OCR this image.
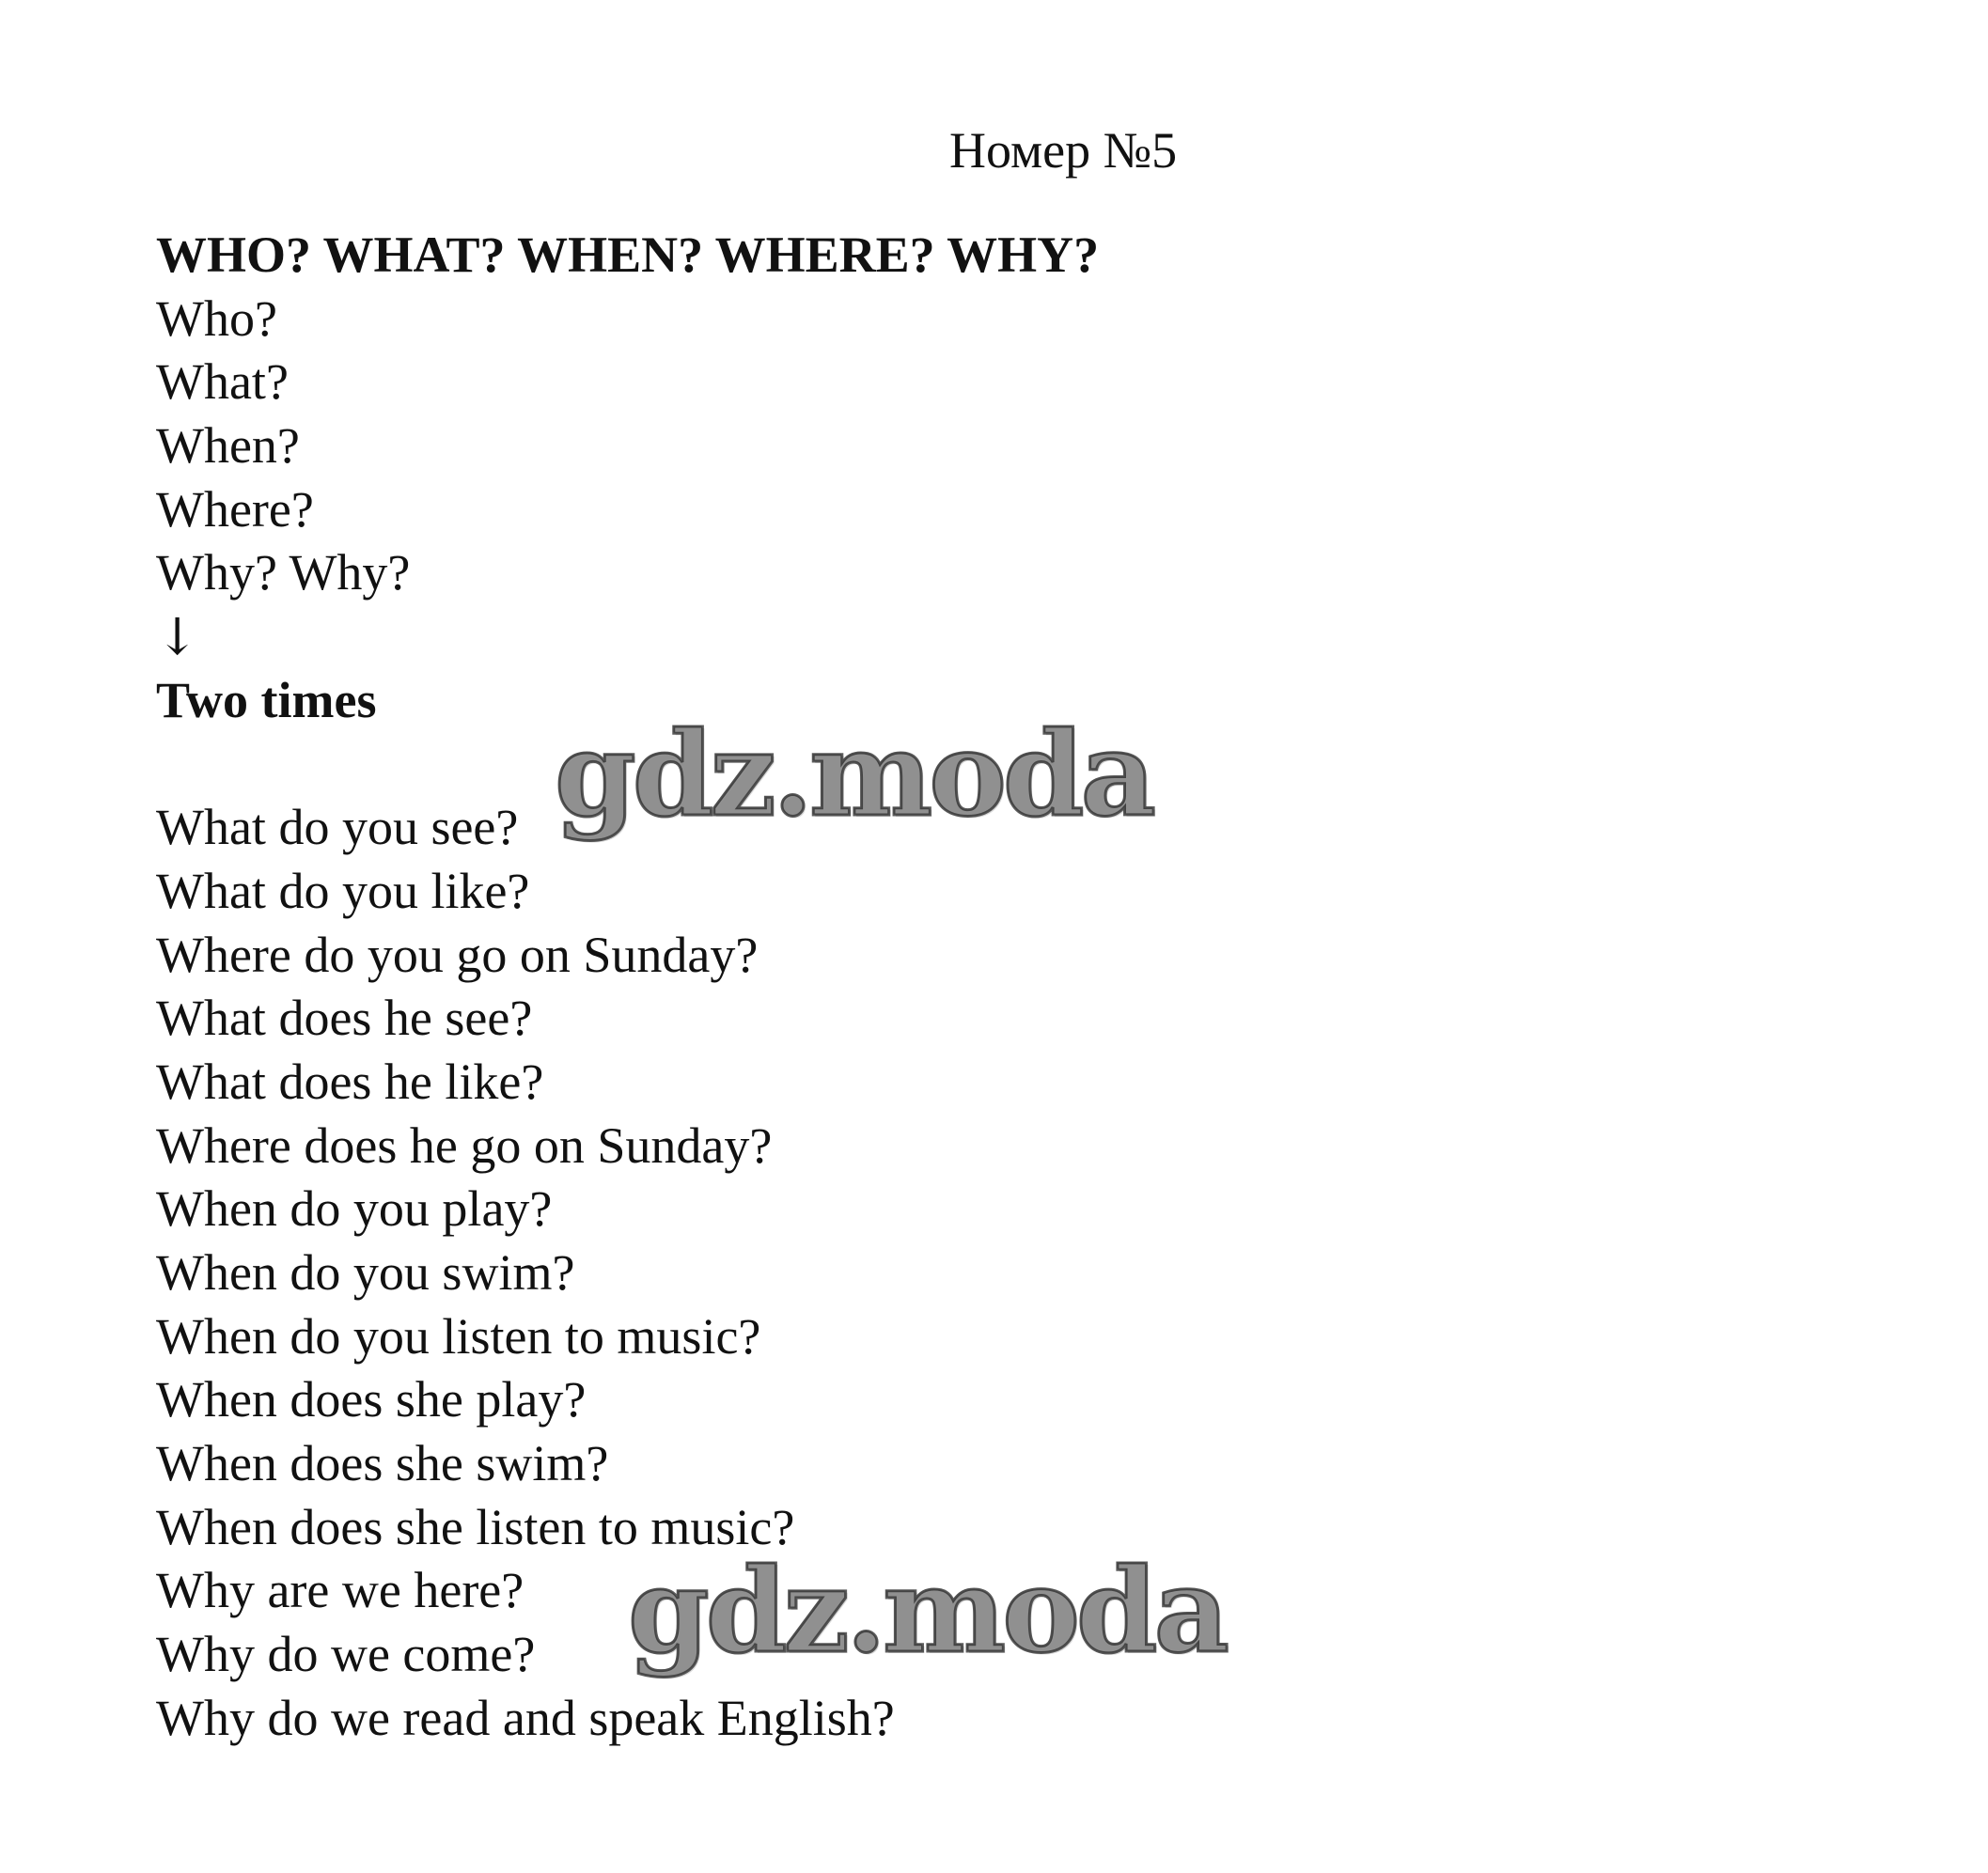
Номер №5
WHO? WHAT? WHEN? WHERE? WHY?
Who?
What?
When?
Where?
Why? Why?
↓
Two times
What do you see?
What do you like?
Where do you go on Sunday?
What does he see?
What does he like?
Where does he go on Sunday?
When do you play?
When do you swim?
When do you listen to music?
When does she play?
When does she swim?
When does she listen to music?
Why are we here?
Why do we come?
Why do we read and speak English?
gdz.moda
gdz.moda
